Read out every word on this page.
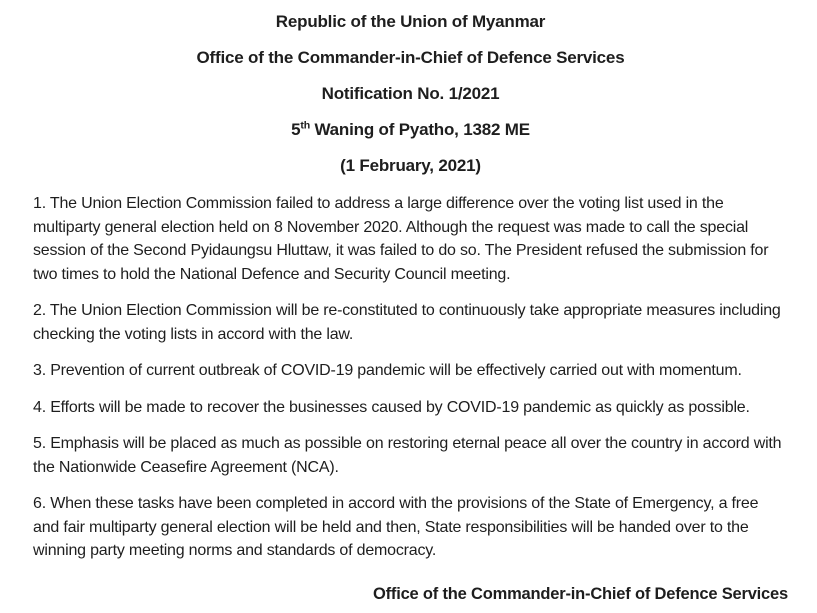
Republic of the Union of Myanmar

Office of the Commander-in-Chief of Defence Services

Notification No. 1/2021

5th Waning of Pyatho, 1382 ME

(1 February, 2021)

1. The Union Election Commission failed to address a large difference over the voting list used in the multiparty general election held on 8 November 2020. Although the request was made to call the special session of the Second Pyidaungsu Hluttaw, it was failed to do so. The President refused the submission for two times to hold the National Defence and Security Council meeting.

2. The Union Election Commission will be re-constituted to continuously take appropriate measures including checking the voting lists in accord with the law.

3. Prevention of current outbreak of COVID-19 pandemic will be effectively carried out with momentum.

4. Efforts will be made to recover the businesses caused by COVID-19 pandemic as quickly as possible.

5. Emphasis will be placed as much as possible on restoring eternal peace all over the country in accord with the Nationwide Ceasefire Agreement (NCA).

6. When these tasks have been completed in accord with the provisions of the State of Emergency, a free and fair multiparty general election will be held and then, State responsibilities will be handed over to the winning party meeting norms and standards of democracy.

Office of the Commander-in-Chief of Defence Services
